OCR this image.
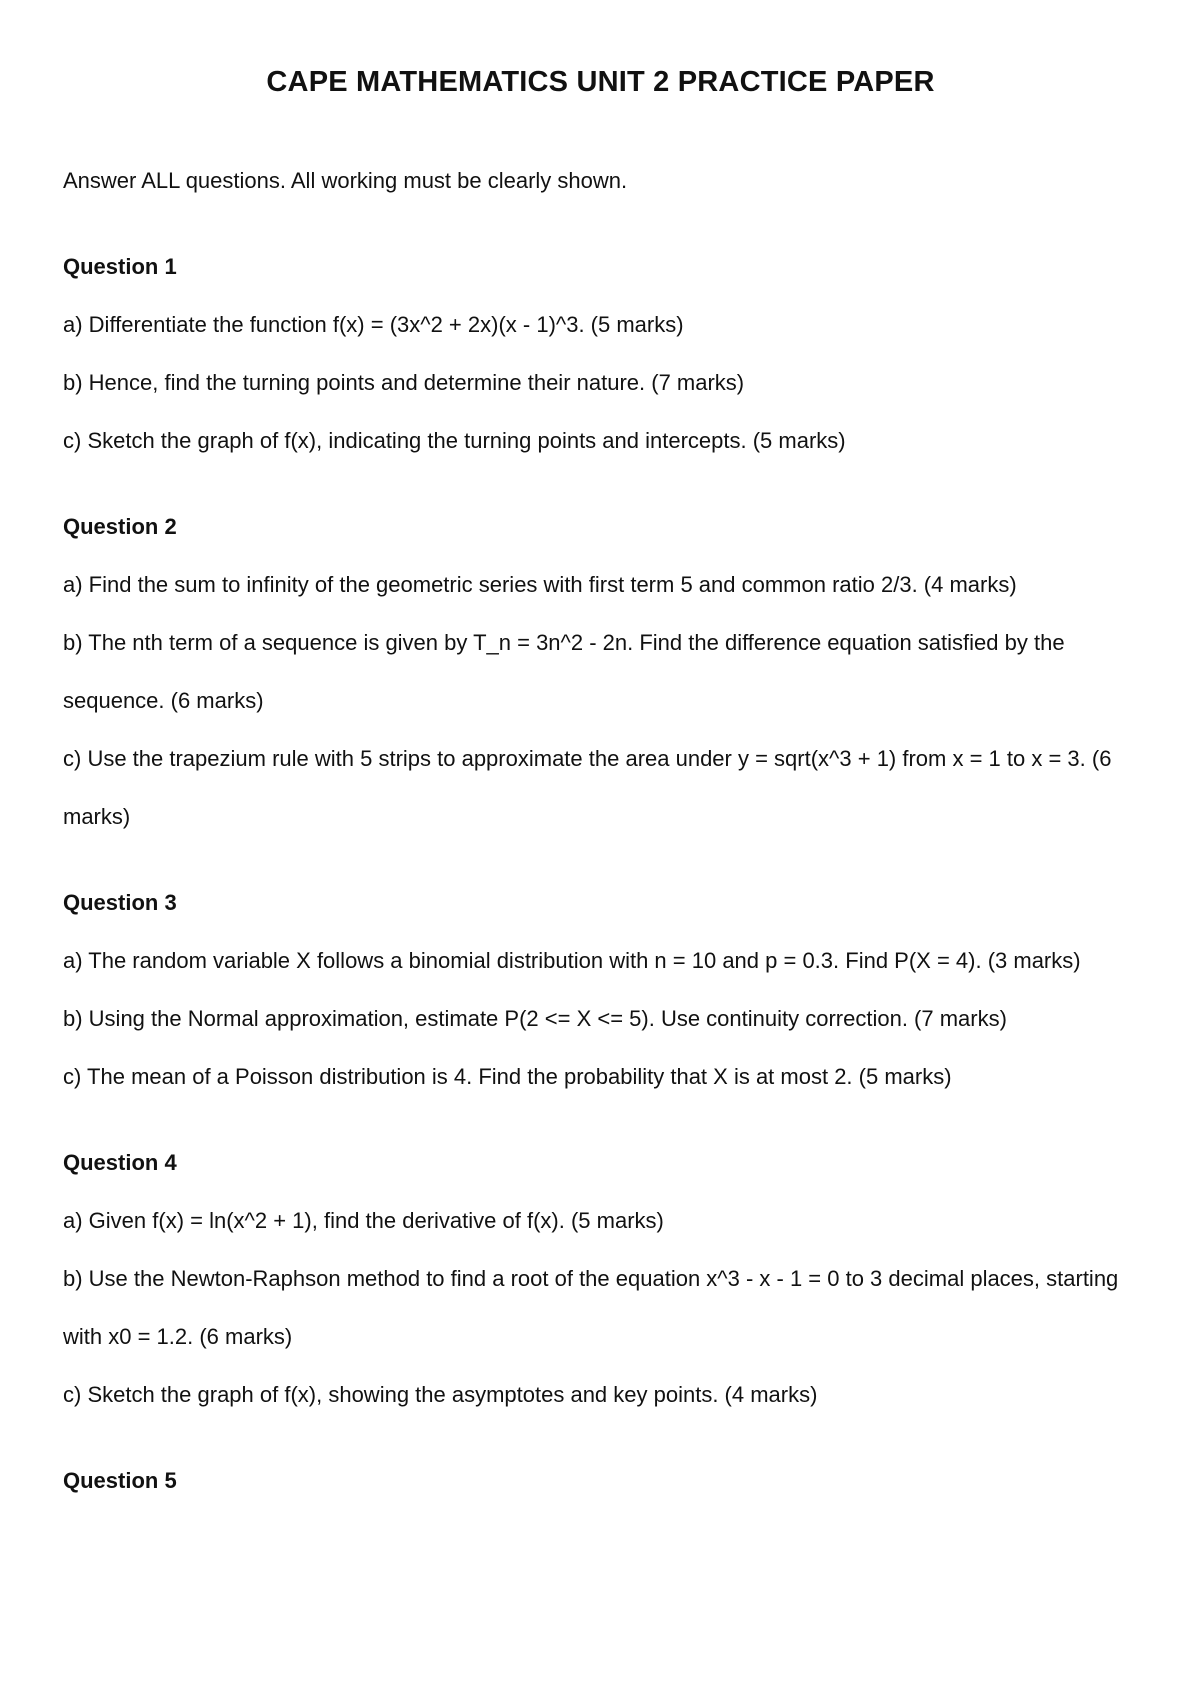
CAPE MATHEMATICS UNIT 2 PRACTICE PAPER

Answer ALL questions. All working must be clearly shown.

Question 1

a) Differentiate the function f(x) = (3x^2 + 2x)(x - 1)^3. (5 marks)

b) Hence, find the turning points and determine their nature. (7 marks)

c) Sketch the graph of f(x), indicating the turning points and intercepts. (5 marks)

Question 2

a) Find the sum to infinity of the geometric series with first term 5 and common ratio 2/3. (4 marks)

b) The nth term of a sequence is given by T_n = 3n^2 - 2n. Find the difference equation satisfied by the sequence. (6 marks)

c) Use the trapezium rule with 5 strips to approximate the area under y = sqrt(x^3 + 1) from x = 1 to x = 3. (6 marks)

Question 3

a) The random variable X follows a binomial distribution with n = 10 and p = 0.3. Find P(X = 4). (3 marks)

b) Using the Normal approximation, estimate P(2 <= X <= 5). Use continuity correction. (7 marks)

c) The mean of a Poisson distribution is 4. Find the probability that X is at most 2. (5 marks)

Question 4

a) Given f(x) = ln(x^2 + 1), find the derivative of f(x). (5 marks)

b) Use the Newton-Raphson method to find a root of the equation x^3 - x - 1 = 0 to 3 decimal places, starting with x0 = 1.2. (6 marks)

c) Sketch the graph of f(x), showing the asymptotes and key points. (4 marks)

Question 5
